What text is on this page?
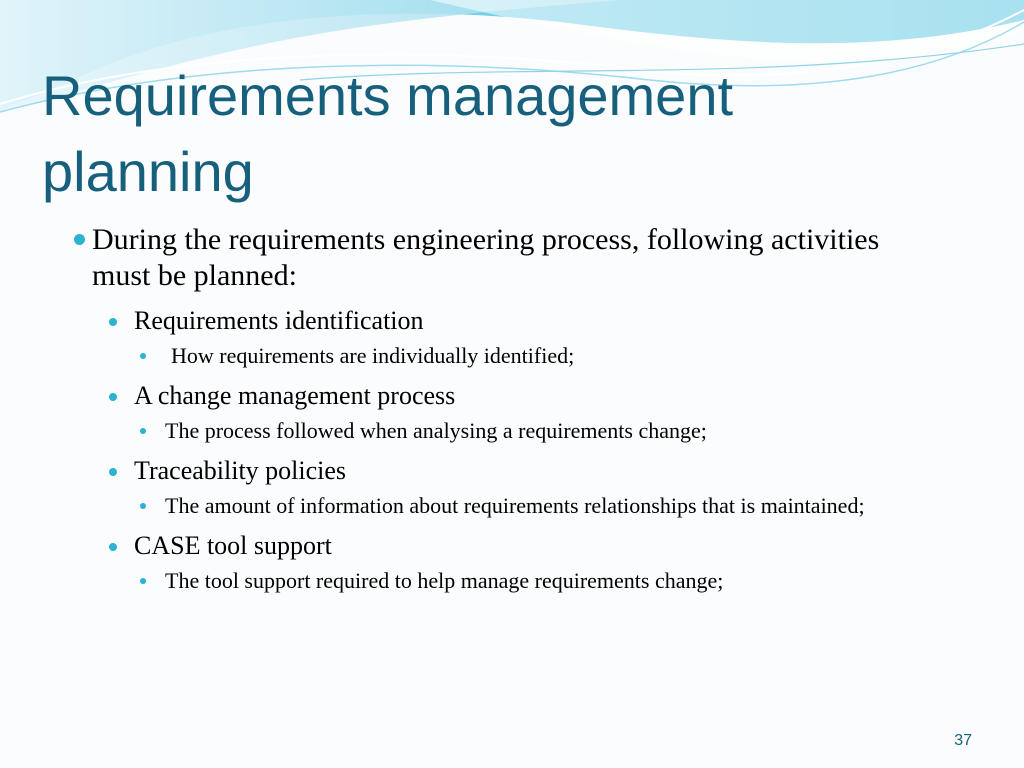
Requirements management planning
During the requirements engineering process, following activities must be planned:
Requirements identification
How requirements are individually identified;
A change management process
The process followed when analysing a requirements change;
Traceability policies
The amount of information about requirements relationships that is maintained;
CASE tool support
The tool support required to help manage requirements change;
37
